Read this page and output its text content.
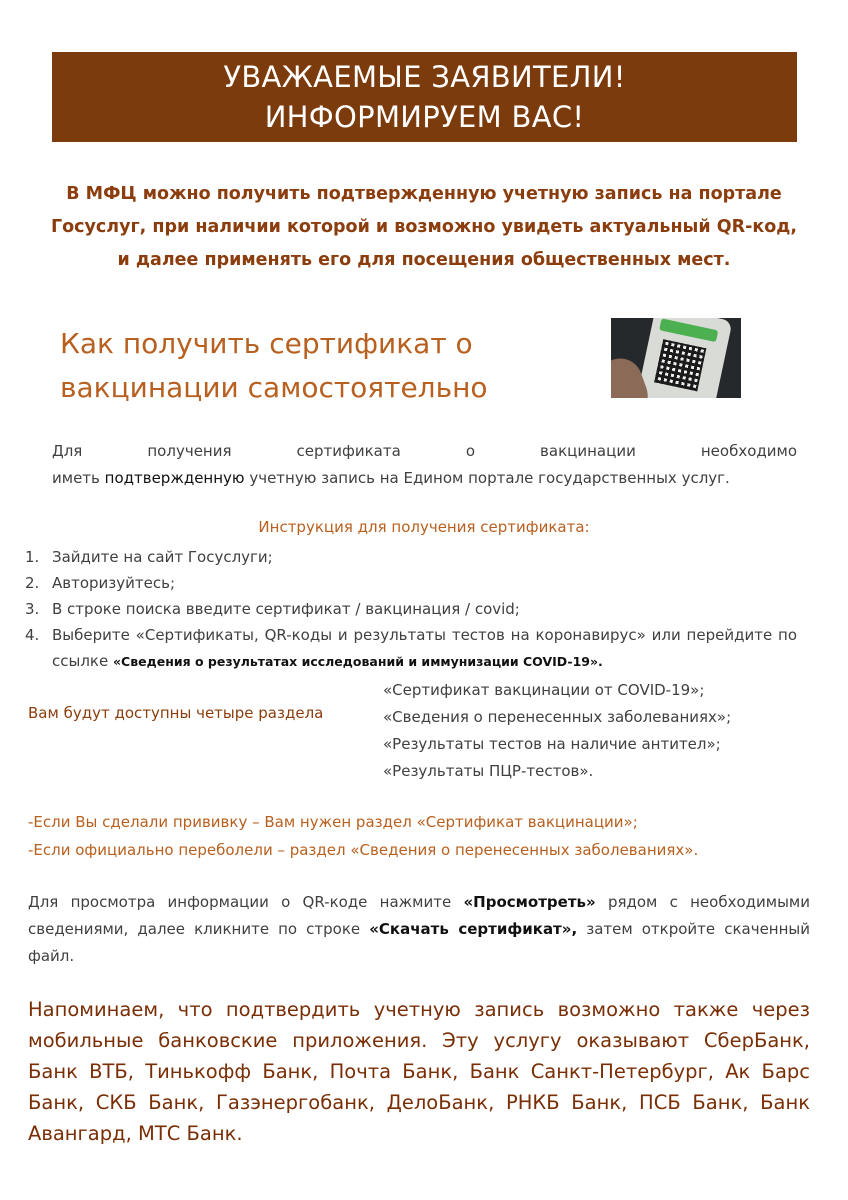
УВАЖАЕМЫЕ ЗАЯВИТЕЛИ!
ИНФОРМИРУЕМ ВАС!
В МФЦ можно получить подтвержденную учетную запись на портале
Госуслуг, при наличии которой и возможно увидеть актуальный QR-код,
и далее применять его для посещения общественных мест.
Как получить сертификат о
вакцинации самостоятельно
Для получения сертификата о вакцинации необходимо
иметь подтвержденную учетную запись на Едином портале государственных услуг.
Инструкция для получения сертификата:
1. Зайдите на сайт Госуслуги;
2. Авторизуйтесь;
3. В строке поиска введите сертификат / вакцинация / covid;
4. Выберите «Сертификаты, QR-коды и результаты тестов на коронавирус» или перейдите по ссылке «Сведения о результатах исследований и иммунизации COVID-19».
Вам будут доступны четыре раздела
«Сертификат вакцинации от COVID-19»;
«Сведения о перенесенных заболеваниях»;
«Результаты тестов на наличие антител»;
«Результаты ПЦР-тестов».
-Если Вы сделали прививку – Вам нужен раздел «Сертификат вакцинации»;
-Если официально переболели – раздел «Сведения о перенесенных заболеваниях».
Для просмотра информации о QR-коде нажмите «Просмотреть» рядом с необходимыми сведениями, далее кликните по строке «Скачать сертификат», затем откройте скаченный файл.
Напоминаем, что подтвердить учетную запись возможно также через мобильные банковские приложения. Эту услугу оказывают СберБанк, Банк ВТБ, Тинькофф Банк, Почта Банк, Банк Санкт-Петербург, Ак Барс Банк, СКБ Банк, Газэнергобанк, ДелоБанк, РНКБ Банк, ПСБ Банк, Банк Авангард, МТС Банк.
